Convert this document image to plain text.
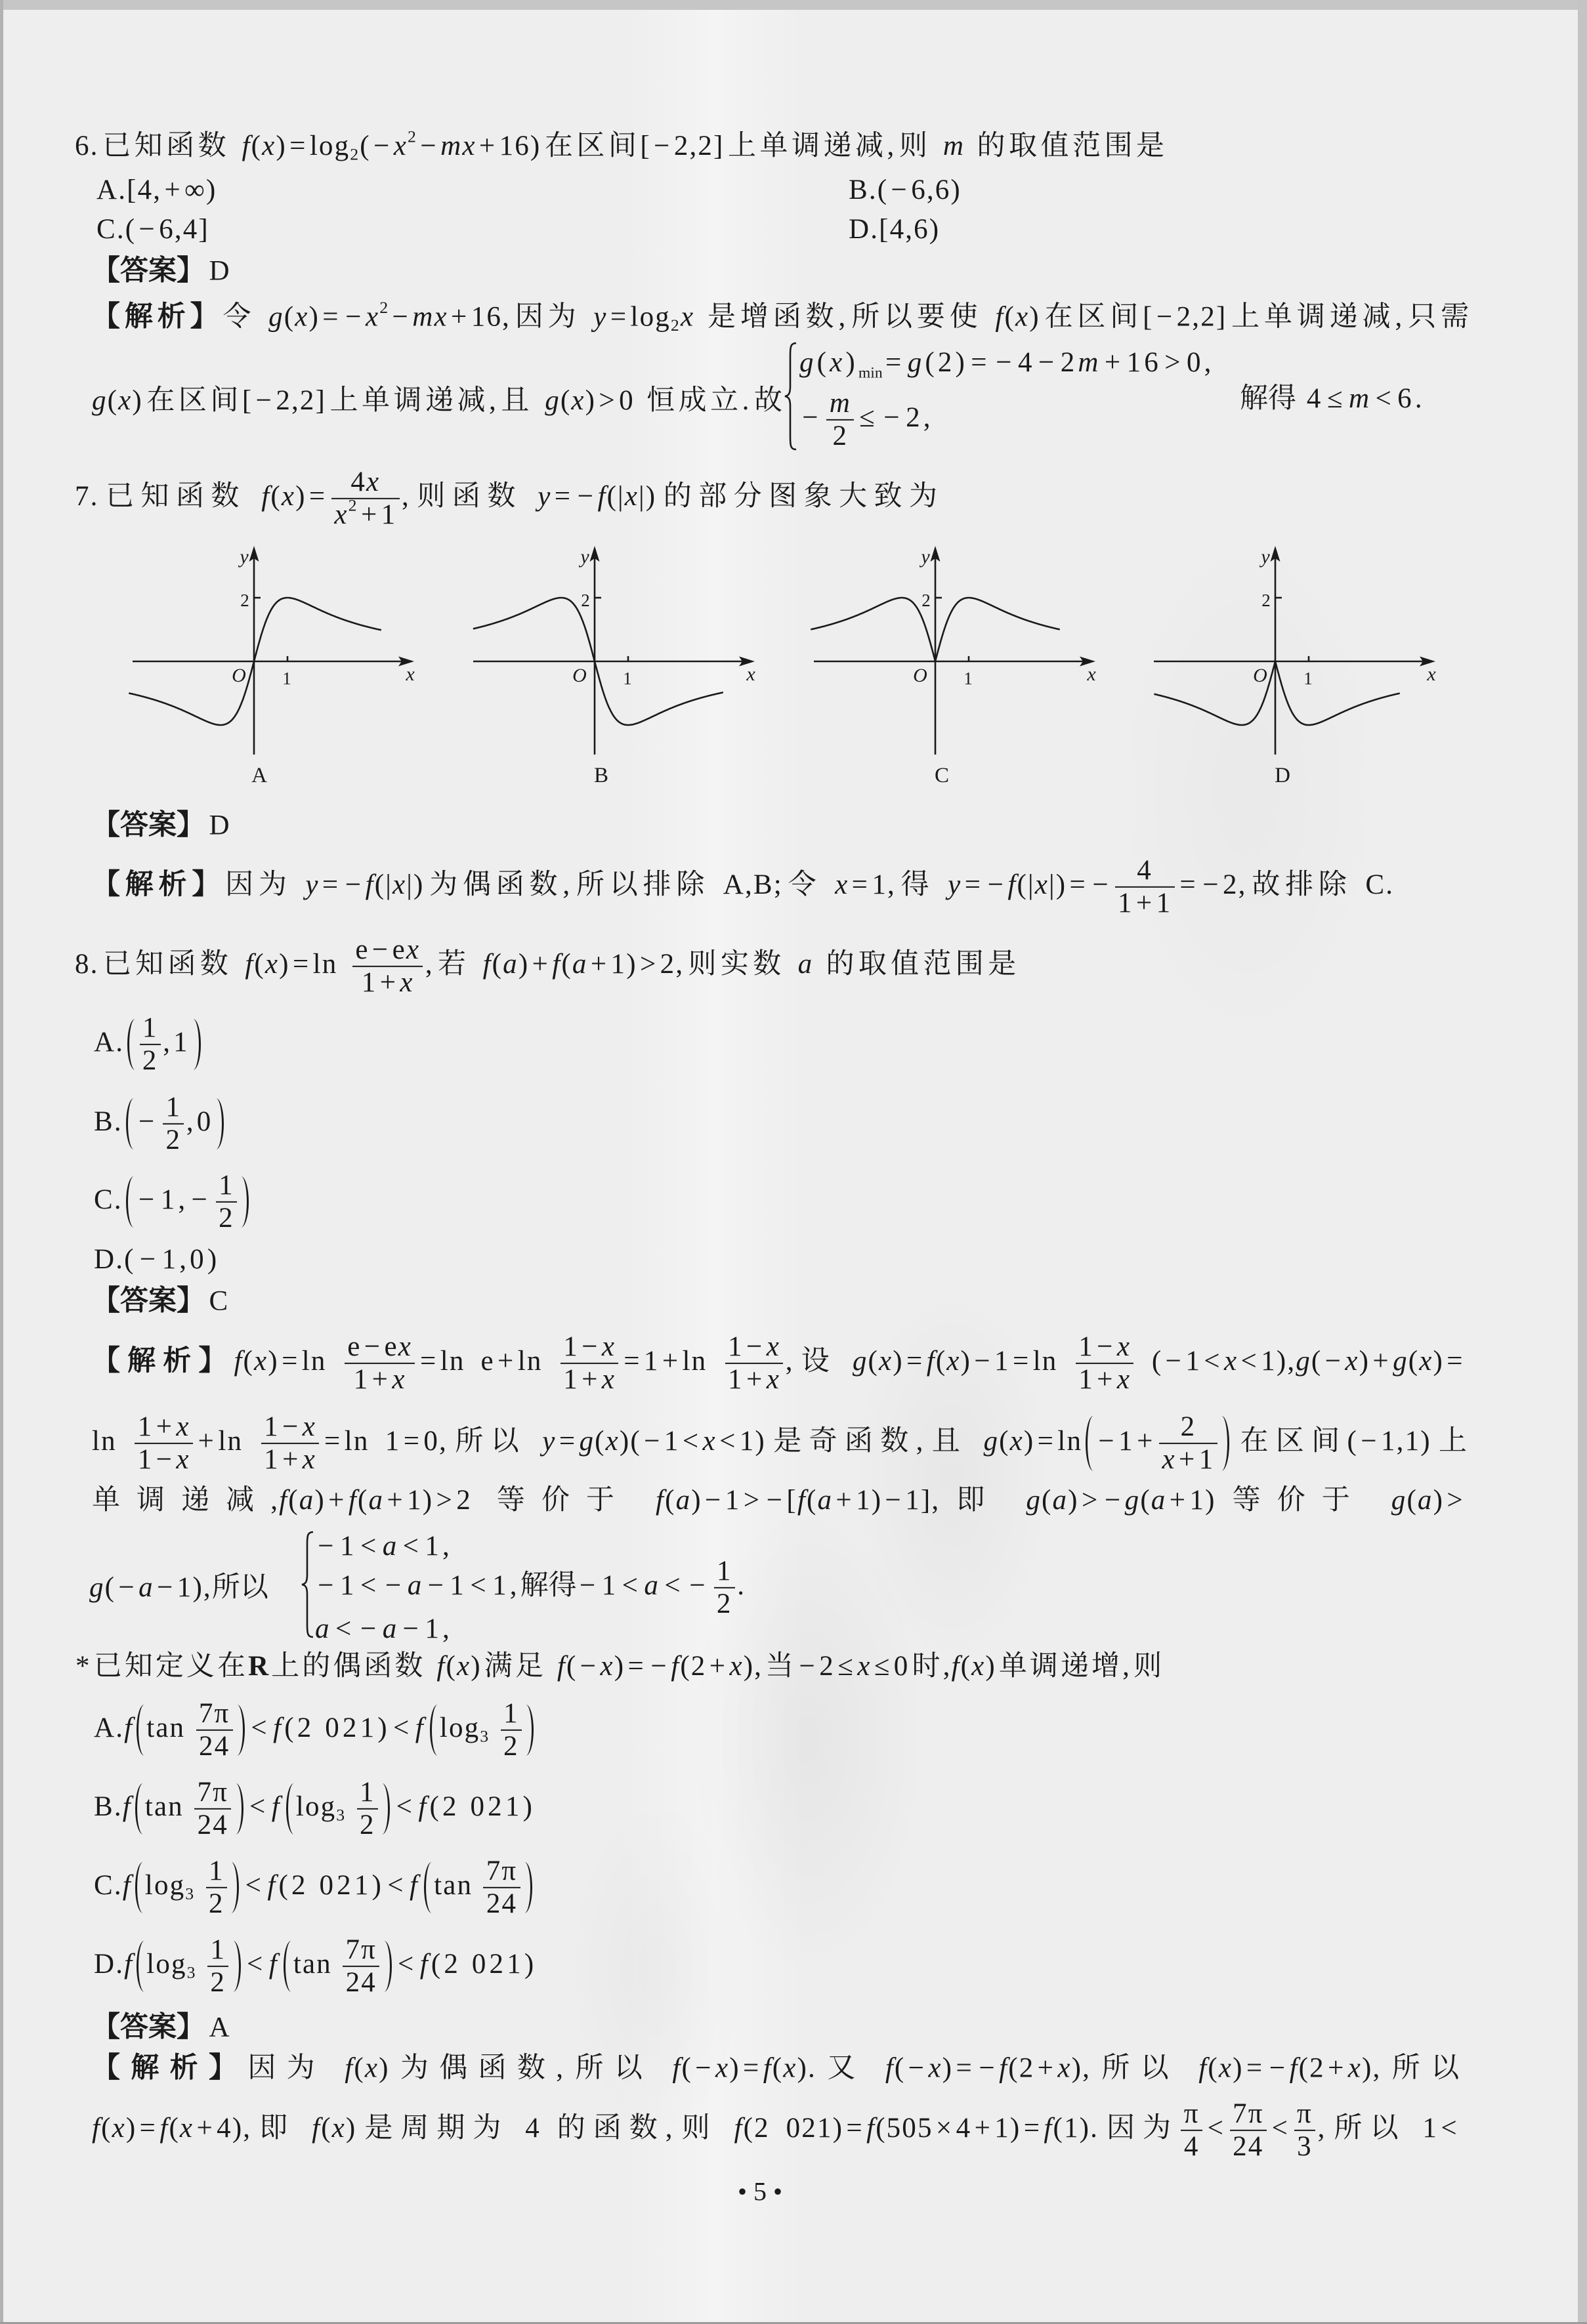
6.已知函数 $f(x)=\log_2(-x^2-mx+16)$在区间[−2,2]上单调递减,则 m 的取值范围是
A.[4,+∞)	B.(−6,6)
C.(−6,4]	D.[4,6)
【答案】 D
【解析】令 $g(x)= -x^2-mx+16$,因为 $y=\log_2x$ 是增函数,所以要使 f(x)在区间[−2,2]上单调递减,只需
g(x)在区间[−2,2]上单调递减,且 g(x)>0 恒成立.故
$g(x)_{min}=g(2)= -4-2m+16>0$,
− $\frac{m}{2} \le -2$,
解得 4≤m<6.
7.已知函数 $f(x)= \frac{4x}{x^2+1}$ ,则函数 y= −f(|x|)的部分图象大致为
y
2
O 1	x
A
y
2
O 1	x
B
y
2
O 1	x
C
y
2
O 1	x
D
【答案】 D
【解析】因为 y= −f(|x|)为偶函数,所以排除 A,B;令 x=1,得 $y= -f(|x|)= - \frac{4}{1+1} = -2$,故排除 C.
8.已知函数 $f(x)=\ln \frac{e-ex}{1+x}$ ,若 f(a)+f(a+1)>2,则实数 a 的取值范围是
A. $\frac{1}{2} ,1$
B. − $\frac{1}{2} ,0$
C. $-1,- \frac{1}{2}$
D.(−1,0)
【答案】 C
【解析】$f(x)=\ln \frac{e-ex}{1+x} =\ln$ $e+\ln \frac{1-x}{1+x} =1+\ln \frac{1-x}{1+x}$ ,设 $g(x)=f(x)-1=\ln \frac{1-x}{1+x} (-1<x<1),g(-x)+g(x)=$
$\ln \frac{1+x}{1-x} +\ln \frac{1-x}{1+x} =\ln$ 1=0,所以 y=g(x)(−1<x<1)是奇函数,且 $g(x)=\ln -1+ \frac{2}{x+1}$ 在区间(−1,1)上
单调递减,f(a)+f(a+1)>2 等价于 f(a)−1> −[f(a+1)−1],即 g(a)> −g(a+1)等价于 g(a)>
g(−a−1),所以
−1<a<1,
−1< −a−1<1,解得$-1<a< - \frac{1}{2}$ .
a< −a−1,
*已知定义在R上的偶函数 f(x)满足 f(−x)= −f(2+x),当−2≤x≤0时,f(x)单调递增,则
A.f $\tan \frac{7\pi}{24} <f(2$ 021)<f $\log_3 \frac{1}{2}$
B.f $\tan \frac{7\pi}{24} <f$ $\log_3 \frac{1}{2} <f(2$ 021)
C.f $\log_3 \frac{1}{2} <f(2$ 021)<f $\tan \frac{7\pi}{24}$
D.f $\log_3 \frac{1}{2} <f$ $\tan \frac{7\pi}{24} <f(2$ 021)
【答案】 A
【解析】因为 f(x)为偶函数,所以 f(−x)=f(x).又 f(−x)= −f(2+x),所以 f(x)= −f(2+x),所以
f(x)=f(x+4),即 f(x)是周期为 4 的函数,则 f(2 021)=f(505×4+1)=f(1).因为 $\frac{\pi}{4} < \frac{7\pi}{24} < \frac{\pi}{3}$ ,所以 1<
• 5 •
